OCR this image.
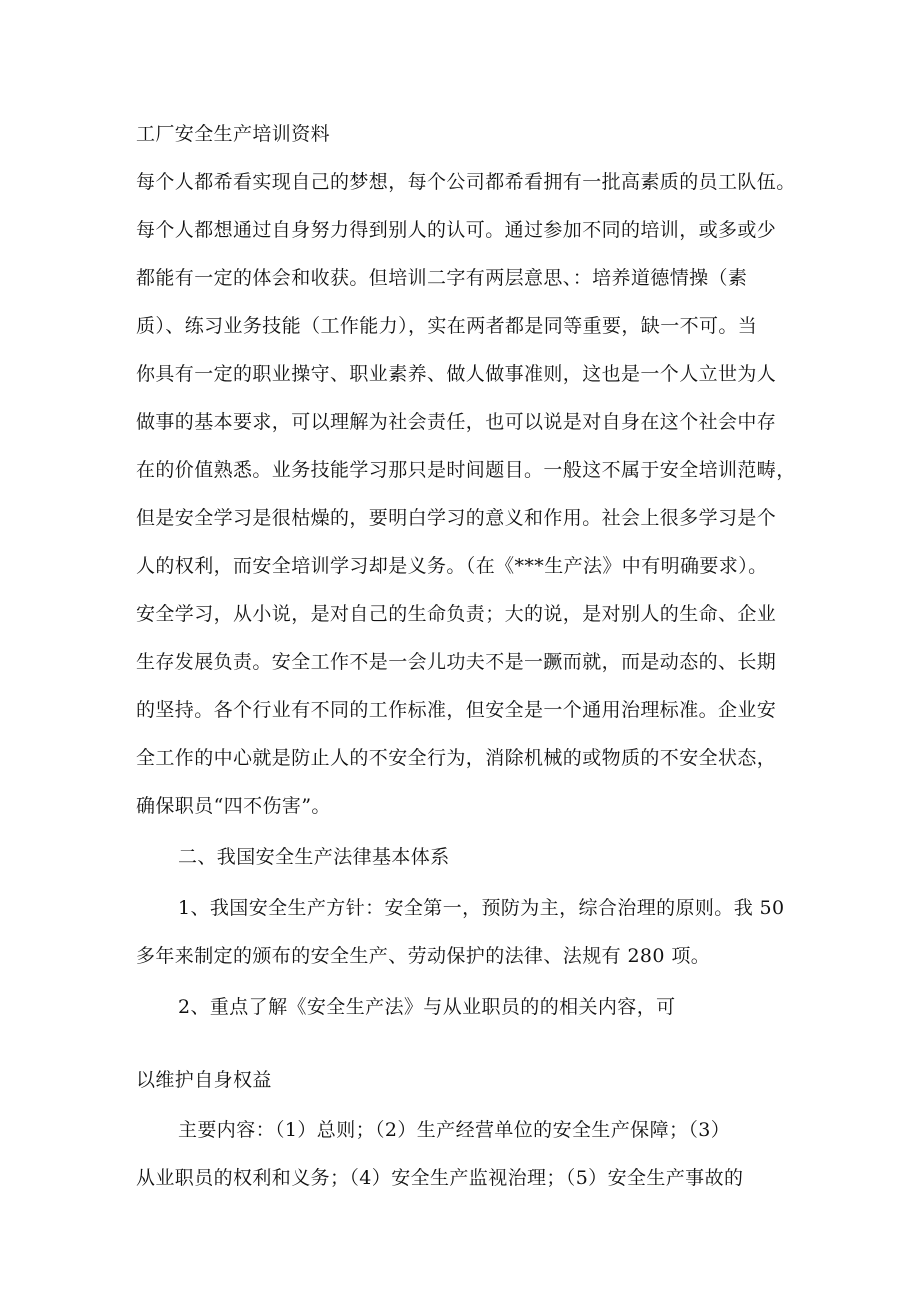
工厂安全生产培训资料
每个人都希看实现自己的梦想，每个公司都希看拥有一批高素质的员工队伍。
每个人都想通过自身努力得到别人的认可。通过参加不同的培训，或多或少
都能有一定的体会和收获。但培训二字有两层意思、：培养道德情操（素
质）、练习业务技能（工作能力），实在两者都是同等重要，缺一不可。当
你具有一定的职业操守、职业素养、做人做事准则，这也是一个人立世为人
做事的基本要求，可以理解为社会责任，也可以说是对自身在这个社会中存
在的价值熟悉。业务技能学习那只是时间题目。一般这不属于安全培训范畴，
但是安全学习是很枯燥的，要明白学习的意义和作用。社会上很多学习是个
人的权利，而安全培训学习却是义务。（在《***生产法》中有明确要求）。
安全学习，从小说，是对自己的生命负责；大的说，是对别人的生命、企业
生存发展负责。安全工作不是一会儿功夫不是一蹶而就，而是动态的、长期
的坚持。各个行业有不同的工作标准，但安全是一个通用治理标准。企业安
全工作的中心就是防止人的不安全行为，消除机械的或物质的不安全状态，
确保职员“四不伤害”。
二、我国安全生产法律基本体系
1、我国安全生产方针：安全第一，预防为主，综合治理的原则。我 50
多年来制定的颁布的安全生产、劳动保护的法律、法规有 280 项。
2、重点了解《安全生产法》与从业职员的的相关内容，可
以维护自身权益
主要内容：（1）总则；（2）生产经营单位的安全生产保障；（3）
从业职员的权利和义务；（4）安全生产监视治理；（5）安全生产事故的
